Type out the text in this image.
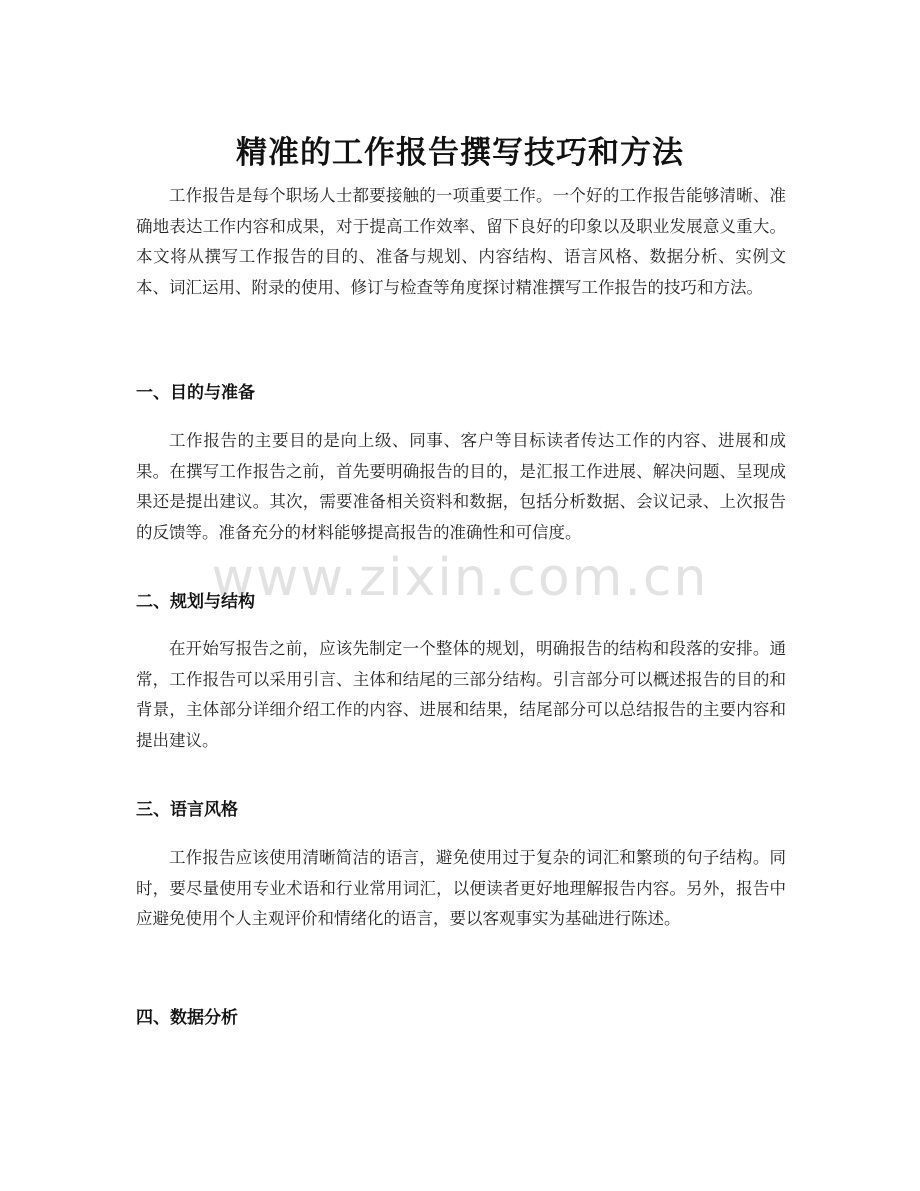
精准的工作报告撰写技巧和方法

工作报告是每个职场人士都要接触的一项重要工作。一个好的工作报告能够清晰、准确地表达工作内容和成果，对于提高工作效率、留下良好的印象以及职业发展意义重大。本文将从撰写工作报告的目的、准备与规划、内容结构、语言风格、数据分析、实例文本、词汇运用、附录的使用、修订与检查等角度探讨精准撰写工作报告的技巧和方法。

一、目的与准备

工作报告的主要目的是向上级、同事、客户等目标读者传达工作的内容、进展和成果。在撰写工作报告之前，首先要明确报告的目的，是汇报工作进展、解决问题、呈现成果还是提出建议。其次，需要准备相关资料和数据，包括分析数据、会议记录、上次报告的反馈等。准备充分的材料能够提高报告的准确性和可信度。

二、规划与结构

在开始写报告之前，应该先制定一个整体的规划，明确报告的结构和段落的安排。通常，工作报告可以采用引言、主体和结尾的三部分结构。引言部分可以概述报告的目的和背景，主体部分详细介绍工作的内容、进展和结果，结尾部分可以总结报告的主要内容和提出建议。

三、语言风格

工作报告应该使用清晰简洁的语言，避免使用过于复杂的词汇和繁琐的句子结构。同时，要尽量使用专业术语和行业常用词汇，以便读者更好地理解报告内容。另外，报告中应避免使用个人主观评价和情绪化的语言，要以客观事实为基础进行陈述。

四、数据分析
www.zixin.com.cn
